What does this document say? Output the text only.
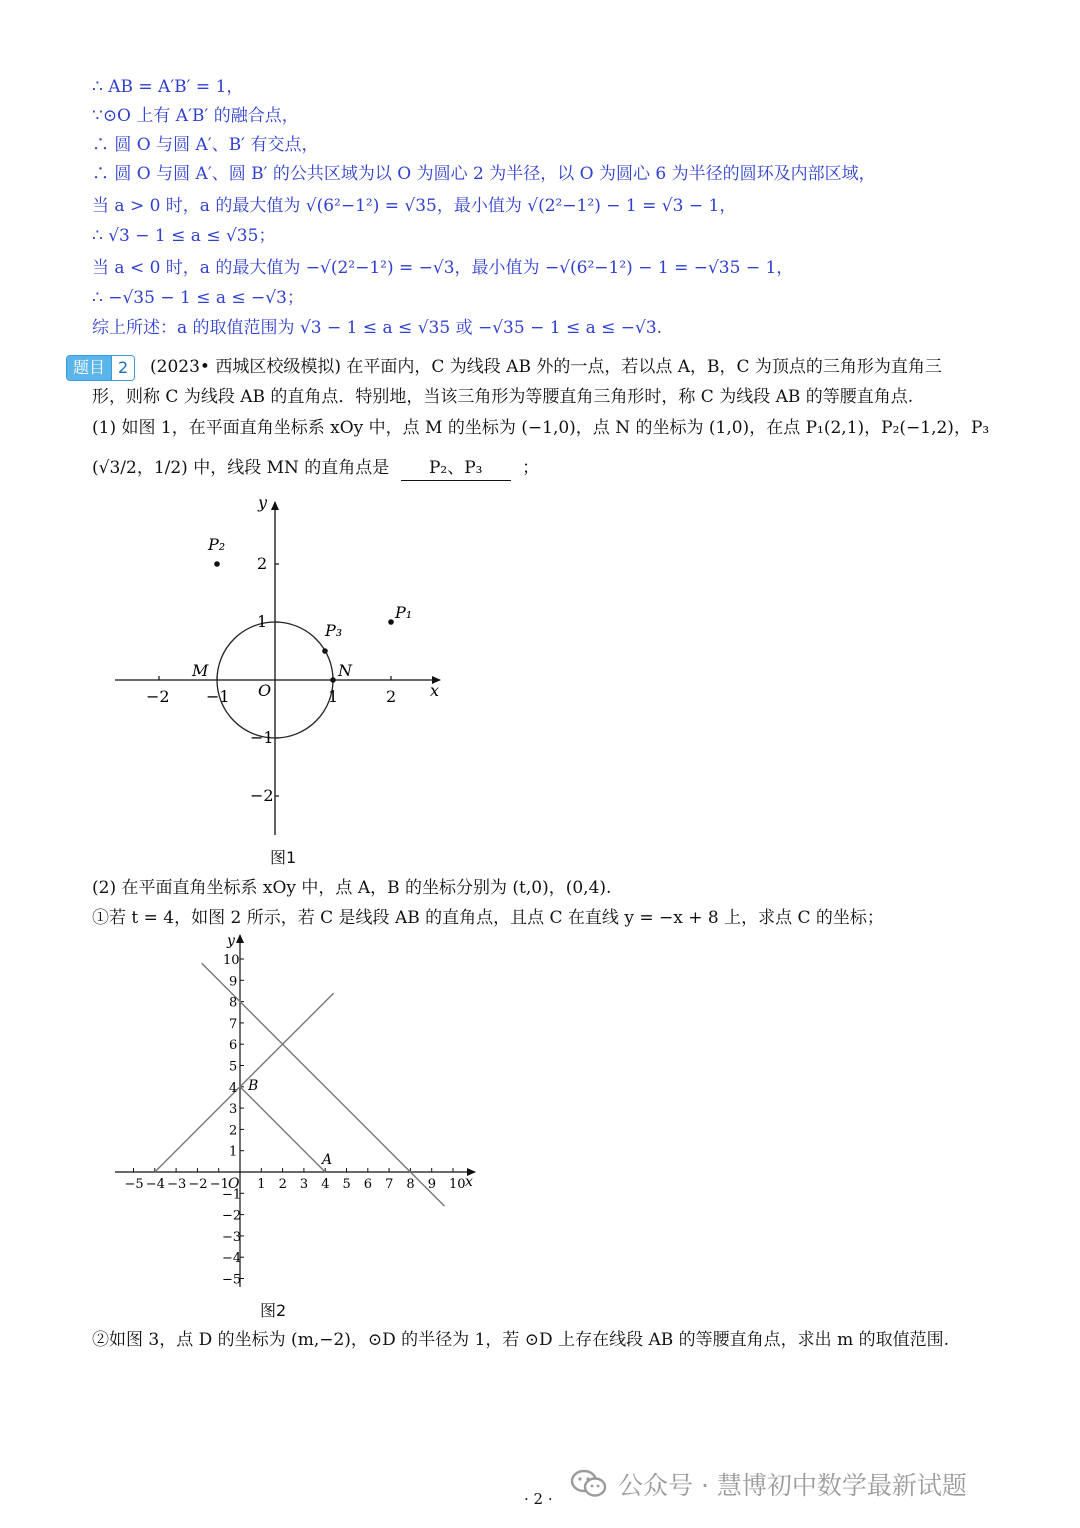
∴ AB = A′B′ = 1，
∵⊙O 上有 A′B′ 的融合点，
∴ 圆 O 与圆 A′、B′ 有交点，
∴ 圆 O 与圆 A′、圆 B′ 的公共区域为以 O 为圆心 2 为半径，以 O 为圆心 6 为半径的圆环及内部区域，
当 a > 0 时，a 的最大值为 √(6²−1²) = √35，最小值为 √(2²−1²) − 1 = √3 − 1，
∴ √3 − 1 ≤ a ≤ √35；
当 a < 0 时，a 的最大值为 −√(2²−1²) = −√3，最小值为 −√(6²−1²) − 1 = −√35 − 1，
∴ −√35 − 1 ≤ a ≤ −√3；
综上所述：a 的取值范围为 √3 − 1 ≤ a ≤ √35 或 −√35 − 1 ≤ a ≤ −√3.
题目 2	(2023• 西城区校级模拟) 在平面内，C 为线段 AB 外的一点，若以点 A，B，C 为顶点的三角形为直角三
形，则称 C 为线段 AB 的直角点．特别地，当该三角形为等腰直角三角形时，称 C 为线段 AB 的等腰直角点.
(1) 如图 1，在平面直角坐标系 xOy 中，点 M 的坐标为 (−1,0)，点 N 的坐标为 (1,0)，在点 P₁(2,1)，P₂(−1,2)，P₃
(√3/2，1/2) 中，线段 MN 的直角点是 P₂、P₃ ；
−2 −1	1	2
2
1
−1
−2
x
y
O
M	N
P₁
P₂
P₃
图1
(2) 在平面直角坐标系 xOy 中，点 A，B 的坐标分别为 (t,0)，(0,4).
①若 t = 4，如图 2 所示，若 C 是线段 AB 的直角点，且点 C 在直线 y = −x + 8 上，求点 C 的坐标；
B
A
x
y
O
−5 −4 −3 −2 −1 1 2 3 4 5 6 7 8 9 10
10
9
8
7
6
5
4
3
2
1
−1
−2
−3
−4
−5
图2
②如图 3，点 D 的坐标为 (m,−2)，⊙D 的半径为 1，若 ⊙D 上存在线段 AB 的等腰直角点，求出 m 的取值范围.
公众号 · 慧博初中数学最新试题
· 2 ·
